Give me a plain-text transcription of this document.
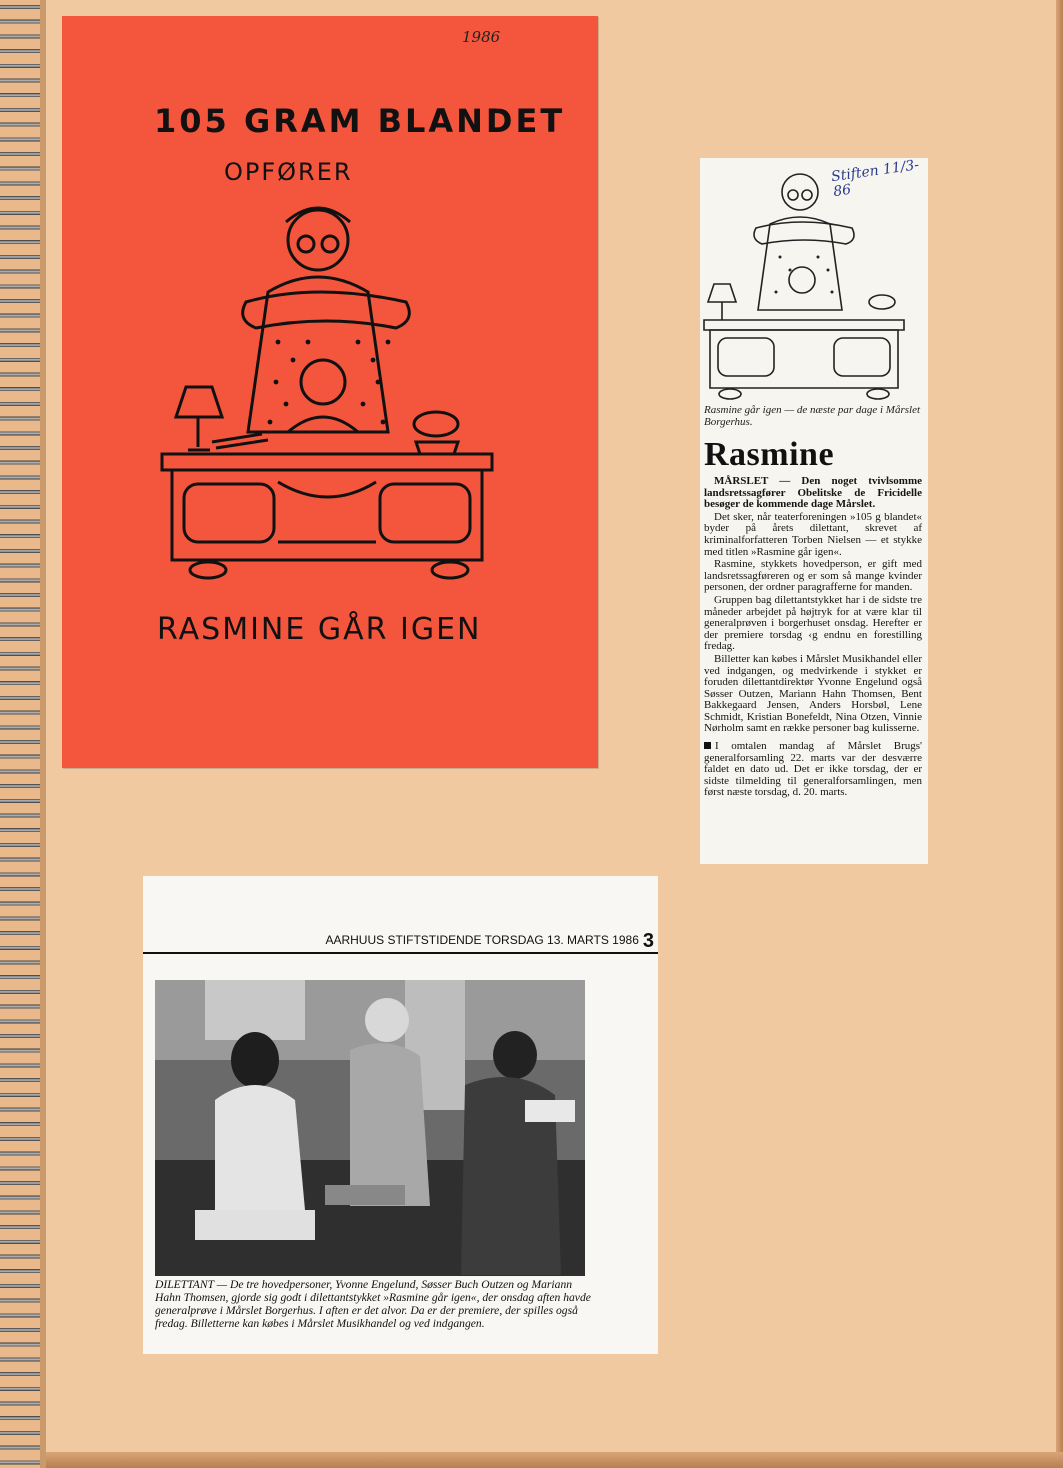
1986
105 GRAM BLANDET
OPFØRER
RASMINE GÅR IGEN
Stiften 11/3-86
Rasmine går igen — de næste par dage i Mårslet Borgerhus.
Rasmine

MÅRSLET — Den noget tvivlsomme landsretssagfører Obelitske de Fricidelle besøger de kommende dage Mårslet.

Det sker, når teaterforeningen »105 g blandet« byder på årets dilettant, skrevet af kriminalforfatteren Torben Nielsen — et stykke med titlen »Rasmine går igen«.

Rasmine, stykkets hovedperson, er gift med landsretssagføreren og er som så mange kvinder personen, der ordner paragrafferne for manden.

Gruppen bag dilettantstykket har i de sidste tre måneder arbejdet på højtryk for at være klar til generalprøven i borgerhuset onsdag. Herefter er der premiere torsdag ‹g endnu en forestilling fredag.

Billetter kan købes i Mårslet Musikhandel eller ved indgangen, og medvirkende i stykket er foruden dilettantdirektør Yvonne Engelund også Søsser Outzen, Mariann Hahn Thomsen, Bent Bakkegaard Jensen, Anders Horsbøl, Lene Schmidt, Kristian Bonefeldt, Nina Otzen, Vinnie Nørholm samt en række personer bag kulisserne.

I omtalen mandag af Mårslet Brugs' generalforsamling 22. marts var der desværre faldet en dato ud. Det er ikke torsdag, der er sidste tilmelding til generalforsamlingen, men først næste torsdag, d. 20. marts.

AARHUUS STIFTSTIDENDE TORSDAG 13. MARTS 1986 3
DILETTANT — De tre hovedpersoner, Yvonne Engelund, Søsser Buch Outzen og Mariann Hahn Thomsen, gjorde sig godt i dilettantstykket »Rasmine går igen«, der onsdag aften havde generalprøve i Mårslet Borgerhus. I aften er det alvor. Da er der premiere, der spilles også fredag. Billetterne kan købes i Mårslet Musikhandel og ved indgangen.
